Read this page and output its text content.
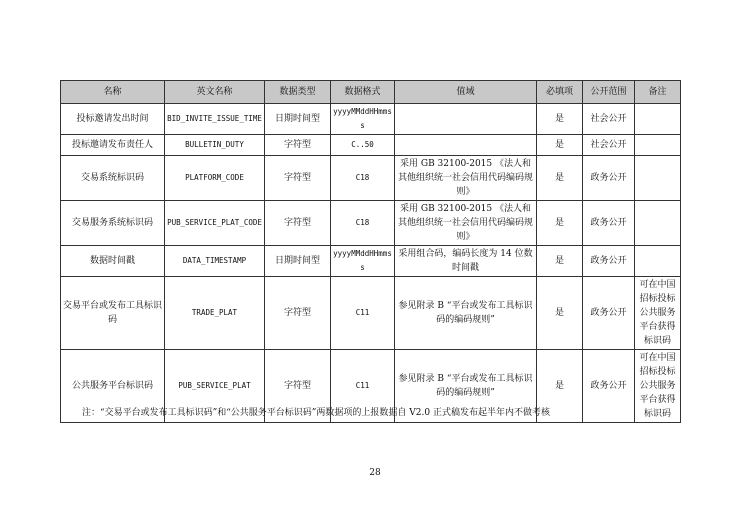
名称	英文名称	数据类型	数据格式	值域	必填项	公开范围	备注
投标邀请发出时间	BID_INVITE_ISSUE_TIME	日期时间型	yyyyMMddHHmmss		是	社会公开	
投标邀请发布责任人	BULLETIN_DUTY	字符型	C..50		是	社会公开	
交易系统标识码	PLATFORM_CODE	字符型	C18	采用 GB 32100-2015 《法人和其他组织统一社会信用代码编码规则》	是	政务公开	
交易服务系统标识码	PUB_SERVICE_PLAT_CODE	字符型	C18	采用 GB 32100-2015 《法人和其他组织统一社会信用代码编码规则》	是	政务公开	
数据时间戳	DATA_TIMESTAMP	日期时间型	yyyyMMddHHmmss	采用组合码，编码长度为 14 位数时间戳	是	政务公开	
交易平台或发布工具标识码	TRADE_PLAT	字符型	C11	参见附录 B “平台或发布工具标识码的编码规则”	是	政务公开	可在中国招标投标公共服务平台获得标识码
公共服务平台标识码	PUB_SERVICE_PLAT	字符型	C11	参见附录 B “平台或发布工具标识码的编码规则”	是	政务公开	可在中国招标投标公共服务平台获得标识码
注：“交易平台或发布工具标识码”和“公共服务平台标识码”两数据项的上报数据自 V2.0 正式稿发布起半年内不做考核
28
